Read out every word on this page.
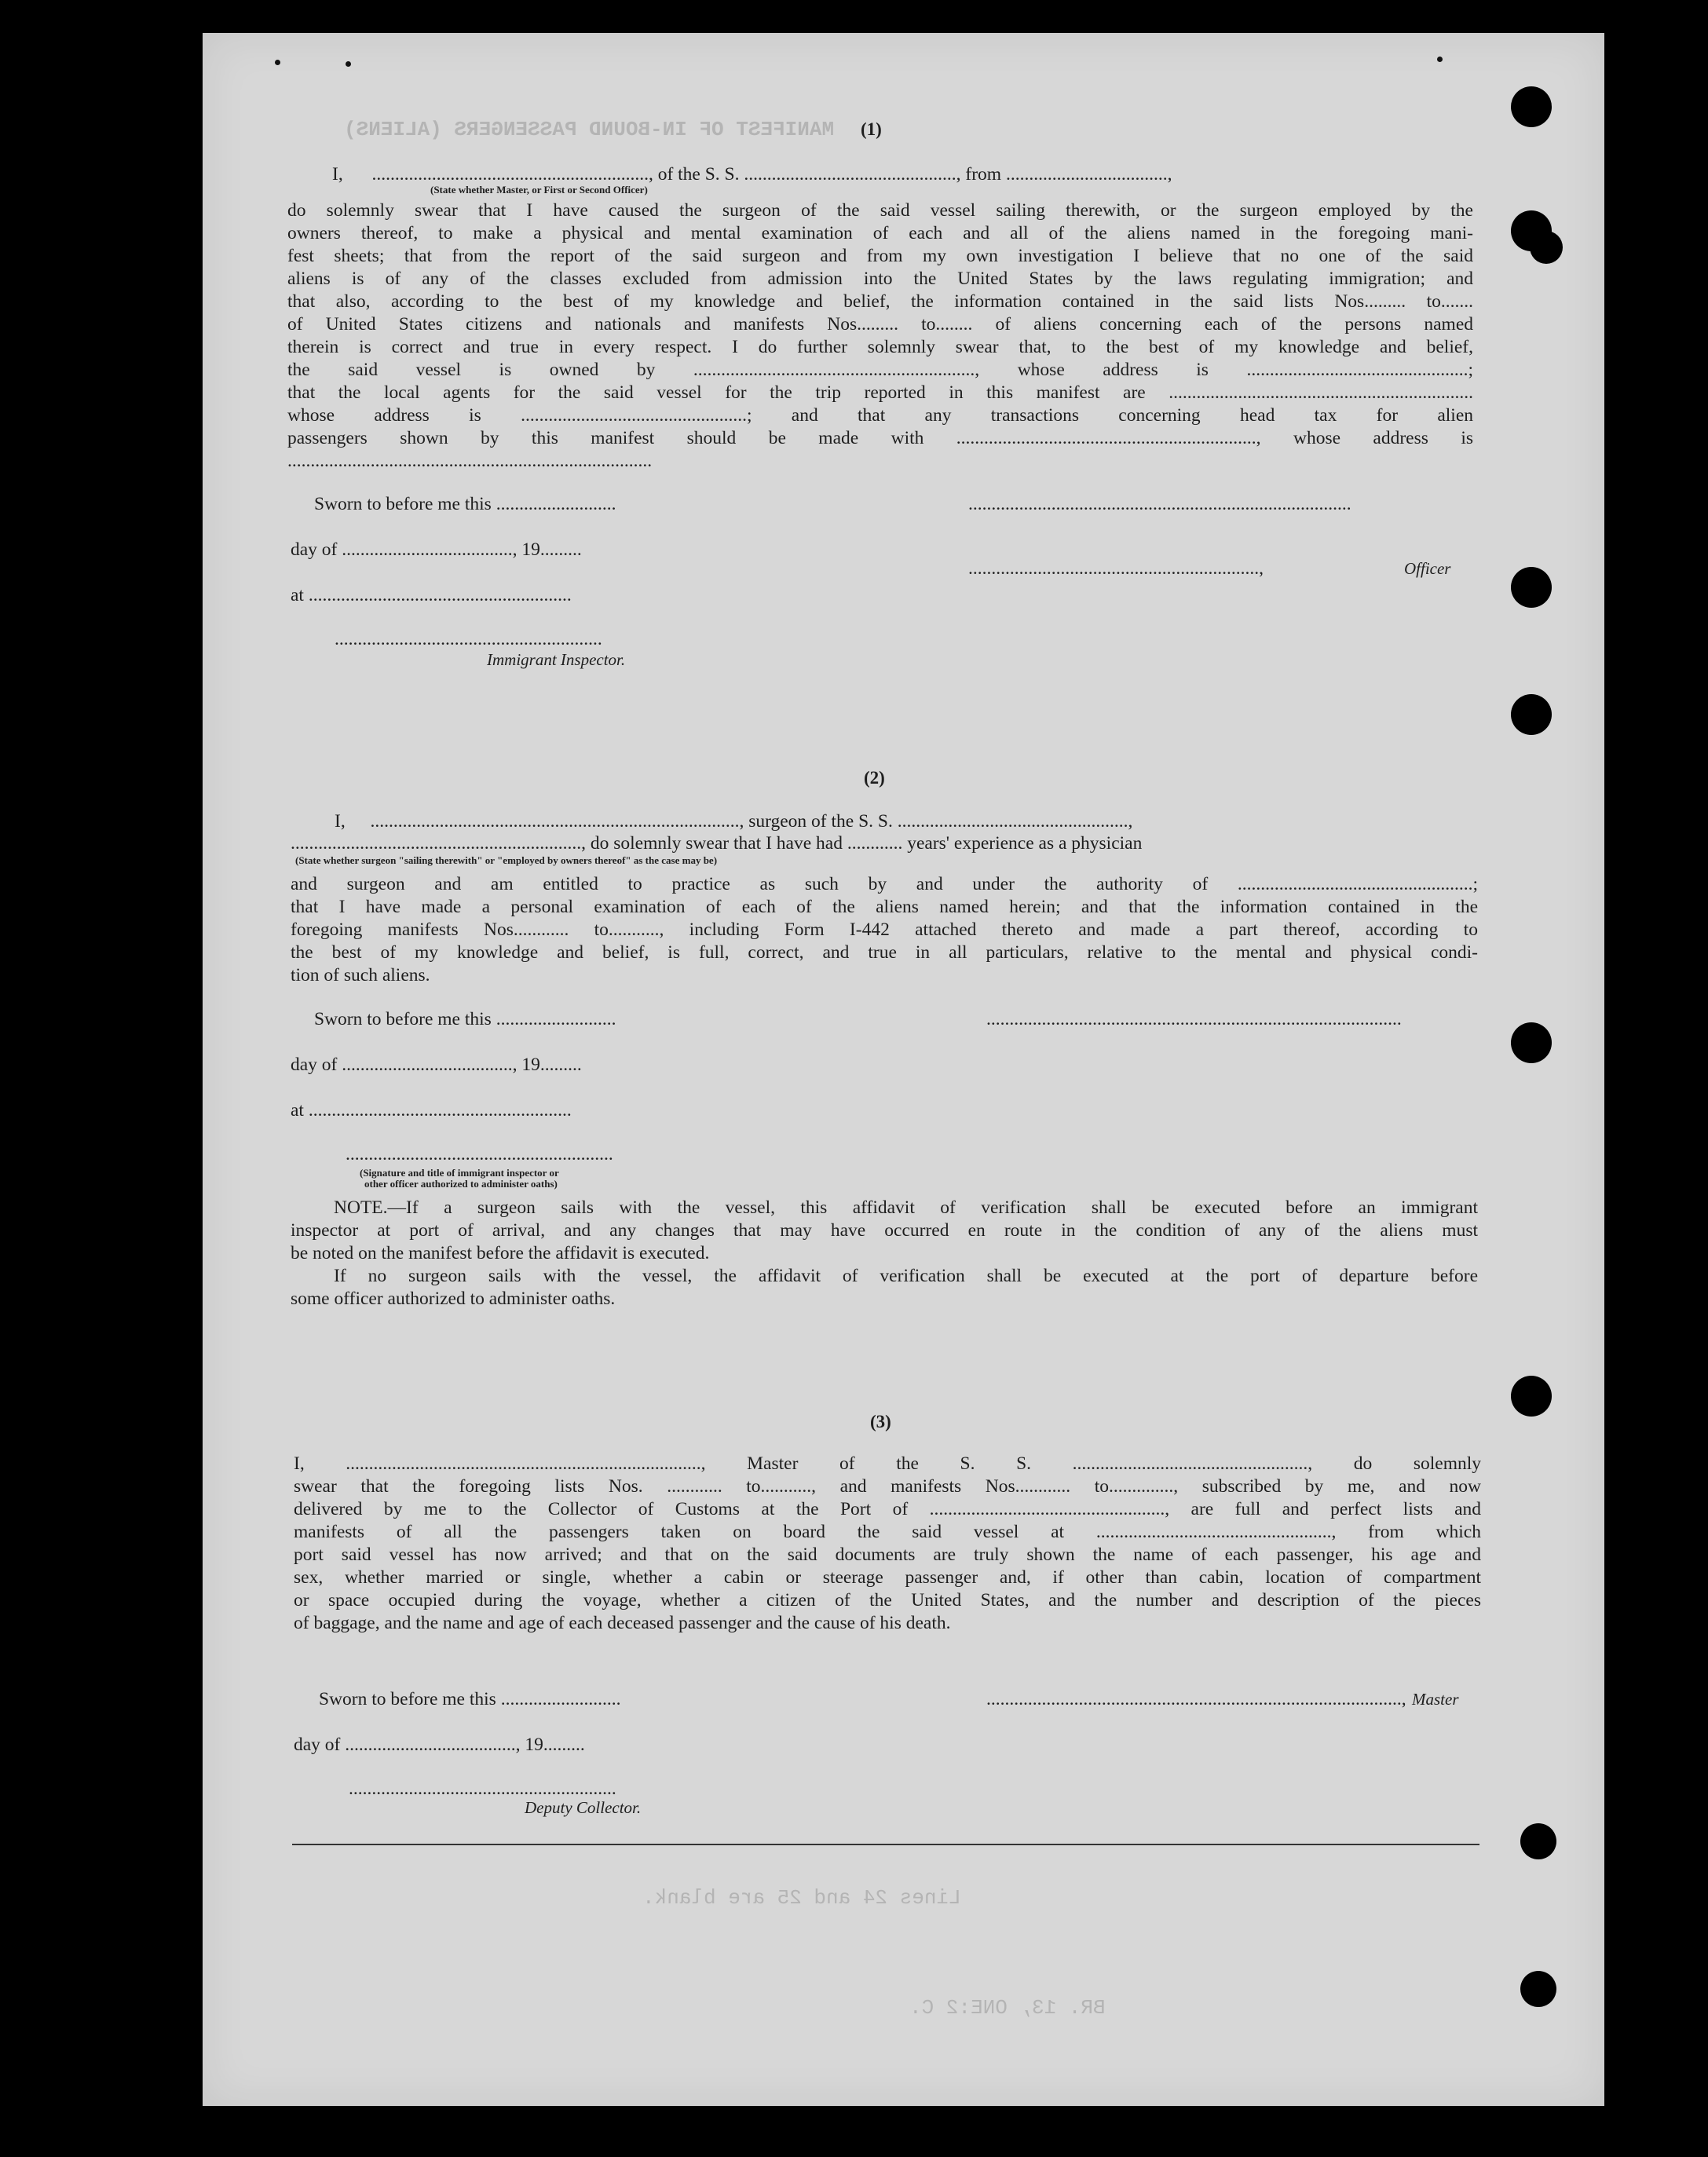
MANIFEST OF IN-BOUND PASSENGERS (ALIENS)
Lines 24 and 25 are blank.
BR. 13, ONE:2 C.
(1)
I, ............................................................, of the S. S. .............................................., from ...................................,
(State whether Master, or First or Second Officer)
do solemnly swear that I have caused the surgeon of the said vessel sailing therewith, or the surgeon employed by the
owners thereof, to make a physical and mental examination of each and all of the aliens named in the foregoing mani-
fest sheets; that from the report of the said surgeon and from my own investigation I believe that no one of the said
aliens is of any of the classes excluded from admission into the United States by the laws regulating immigration; and
that also, according to the best of my knowledge and belief, the information contained in the said lists Nos......... to.......
of United States citizens and nationals and manifests Nos......... to........ of aliens concerning each of the persons named
therein is correct and true in every respect. I do further solemnly swear that, to the best of my knowledge and belief,
the said vessel is owned by ............................................................., whose address is ................................................;
that the local agents for the said vessel for the trip reported in this manifest are ..................................................................
whose address is .................................................; and that any transactions concerning head tax for alien
passengers shown by this manifest should be made with ................................................................., whose address is
...............................................................................
Sworn to before me this ..........................	...................................................................................
day of ....................................., 19.........
...............................................................,	Officer
at .........................................................
..........................................................
Immigrant Inspector.
(2)
I, ................................................................................, surgeon of the S. S. ..................................................,
..............................................................., do solemnly swear that I have had ............ years' experience as a physician
(State whether surgeon "sailing therewith" or "employed by owners thereof" as the case may be)
and surgeon and am entitled to practice as such by and under the authority of ...................................................;
that I have made a personal examination of each of the aliens named herein; and that the information contained in the
foregoing manifests Nos............ to..........., including Form I-442 attached thereto and made a part thereof, according to
the best of my knowledge and belief, is full, correct, and true in all particulars, relative to the mental and physical condi-
tion of such aliens.
Sworn to before me this ..........................	..........................................................................................
day of ....................................., 19.........
at .........................................................
..........................................................
(Signature and title of immigrant inspector or
other officer authorized to administer oaths)
NOTE.—If a surgeon sails with the vessel, this affidavit of verification shall be executed before an immigrant
inspector at port of arrival, and any changes that may have occurred en route in the condition of any of the aliens must
be noted on the manifest before the affidavit is executed.
If no surgeon sails with the vessel, the affidavit of verification shall be executed at the port of departure before
some officer authorized to administer oaths.
(3)
I, ............................................................................., Master of the S. S. ..................................................., do solemnly
swear that the foregoing lists Nos. ............ to..........., and manifests Nos............ to.............., subscribed by me, and now
delivered by me to the Collector of Customs at the Port of ..................................................., are full and perfect lists and
manifests of all the passengers taken on board the said vessel at ..................................................., from which
port said vessel has now arrived; and that on the said documents are truly shown the name of each passenger, his age and
sex, whether married or single, whether a cabin or steerage passenger and, if other than cabin, location of compartment
or space occupied during the voyage, whether a citizen of the United States, and the number and description of the pieces
of baggage, and the name and age of each deceased passenger and the cause of his death.
Sworn to before me this ..........................	.........................................................................................., Master
day of ....................................., 19.........
..........................................................
Deputy Collector.
